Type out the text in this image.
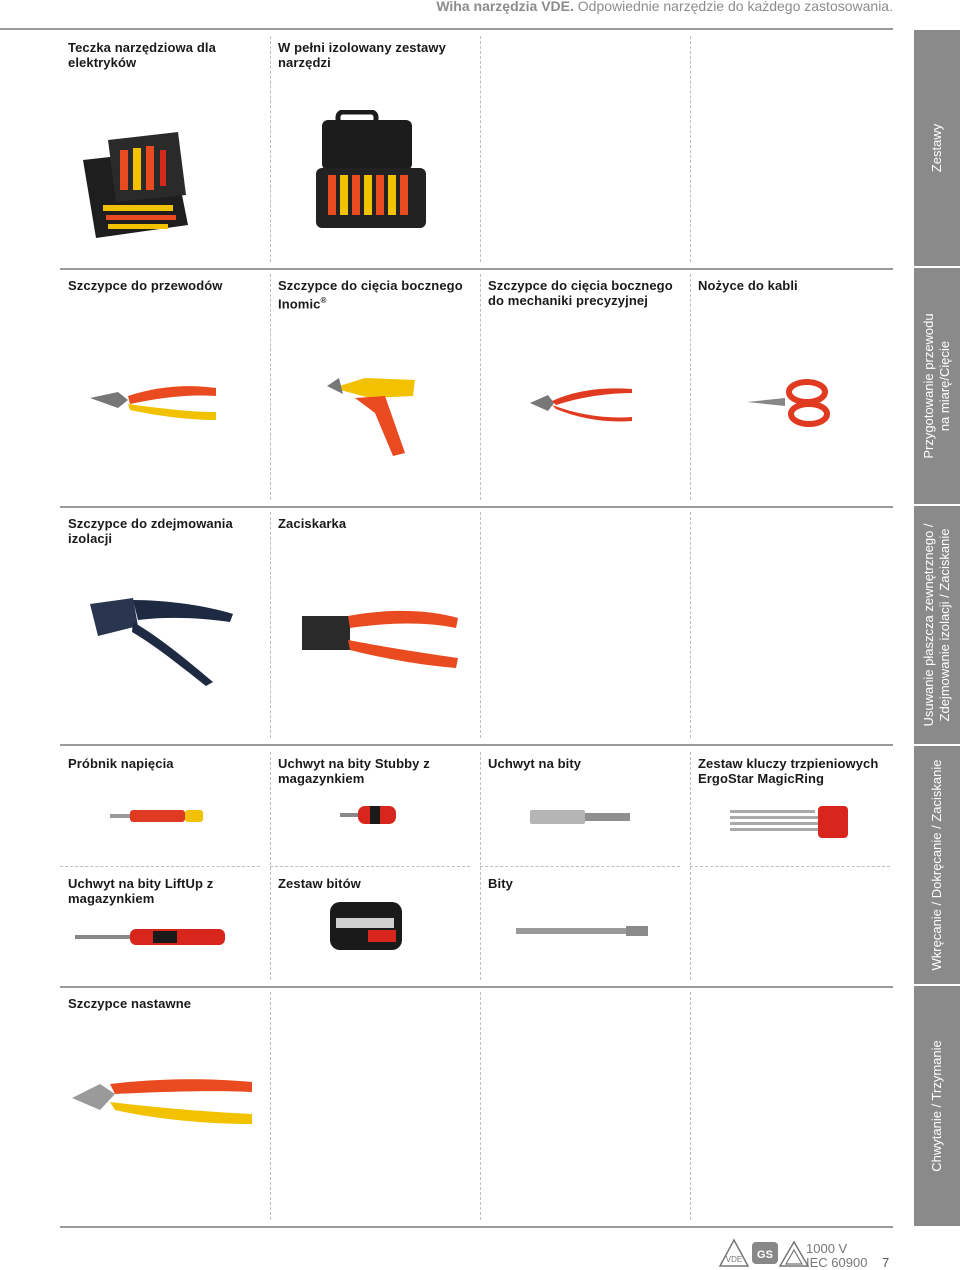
Wiha narzędzia VDE. Odpowiednie narzędzie do każdego zastosowania.
Teczka narzędziowa dla elektryków
W pełni izolowany zestawy narzędzi
Szczypce do przewodów	Szczypce do cięcia bocznego Inomic®
Szczypce do cięcia bocznego do mechaniki precyzyjnej
Nożyce do kabli
Szczypce do zdejmowania izolacji
Zaciskarka
Próbnik napięcia
Uchwyt na bity LiftUp z magazynkiem
Uchwyt na bity Stubby z magazynkiem
Zestaw bitów
Uchwyt na bity
Bity
Zestaw kluczy trzpieniowych ErgoStar MagicRing
Szczypce nastawne
Zestawy
Przygotowanie przewodu na miarę/Cięcie
Usuwanie płaszcza zewnętrznego / Zdejmowanie izolacji / Zaciskanie
Wkręcanie / Dokręcanie / Zaciskanie
Chwytanie / Trzymanie
VDE GS	1000 V
IEC 60900 7
